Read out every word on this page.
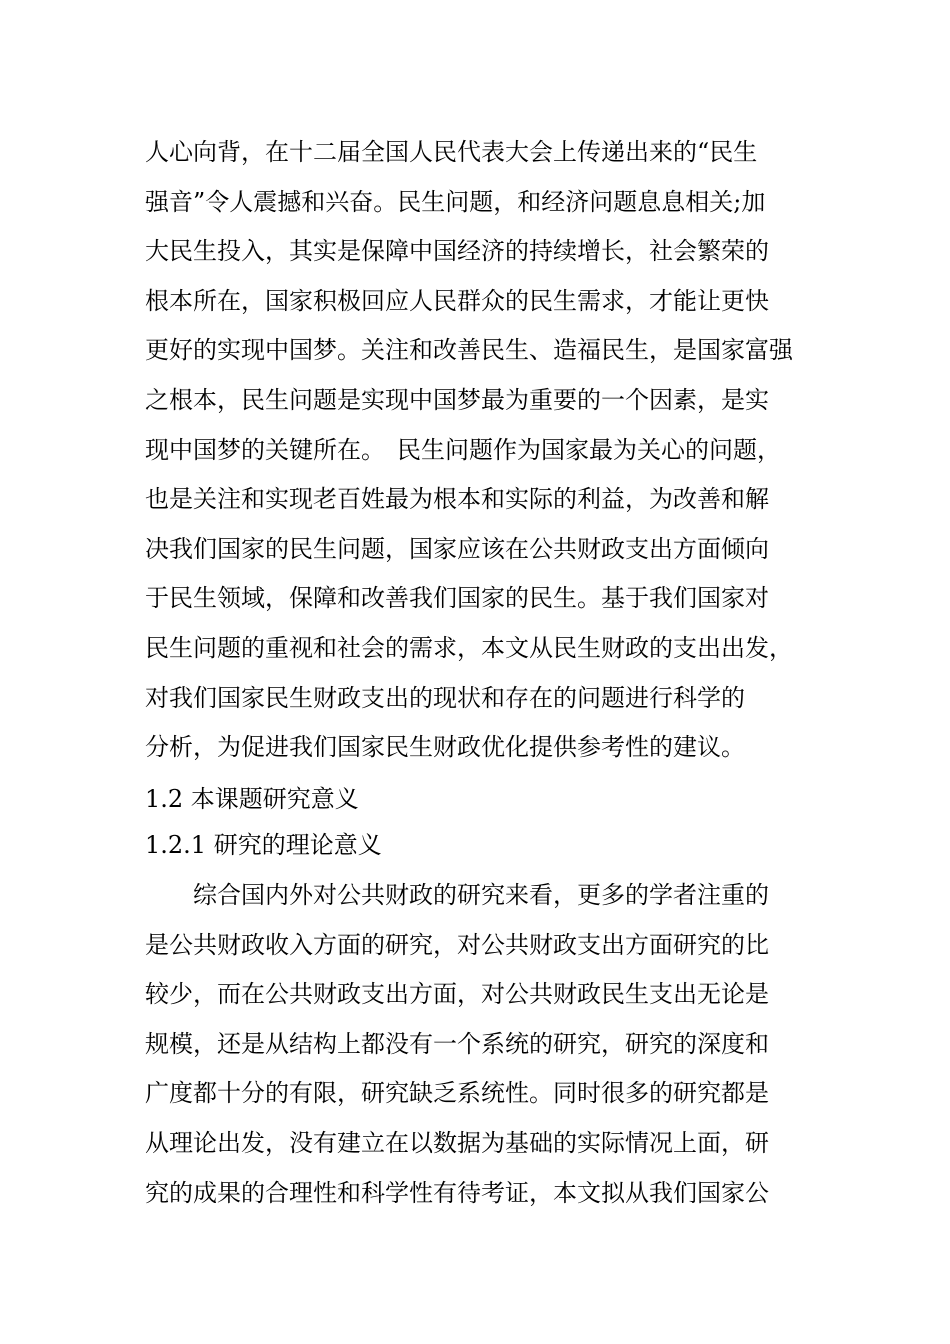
人心向背，在十二届全国人民代表大会上传递出来的“民生
强音”令人震撼和兴奋。民生问题，和经济问题息息相关;加
大民生投入，其实是保障中国经济的持续增长，社会繁荣的
根本所在，国家积极回应人民群众的民生需求，才能让更快
更好的实现中国梦。关注和改善民生、造福民生，是国家富强
之根本，民生问题是实现中国梦最为重要的一个因素，是实
现中国梦的关键所在。　民生问题作为国家最为关心的问题，
也是关注和实现老百姓最为根本和实际的利益，为改善和解
决我们国家的民生问题，国家应该在公共财政支出方面倾向
于民生领域，保障和改善我们国家的民生。基于我们国家对
民生问题的重视和社会的需求，本文从民生财政的支出出发，
对我们国家民生财政支出的现状和存在的问题进行科学的
分析，为促进我们国家民生财政优化提供参考性的建议。
1.2 本课题研究意义
1.2.1 研究的理论意义
综合国内外对公共财政的研究来看，更多的学者注重的
是公共财政收入方面的研究，对公共财政支出方面研究的比
较少，而在公共财政支出方面，对公共财政民生支出无论是
规模，还是从结构上都没有一个系统的研究，研究的深度和
广度都十分的有限，研究缺乏系统性。同时很多的研究都是
从理论出发，没有建立在以数据为基础的实际情况上面，研
究的成果的合理性和科学性有待考证，本文拟从我们国家公
